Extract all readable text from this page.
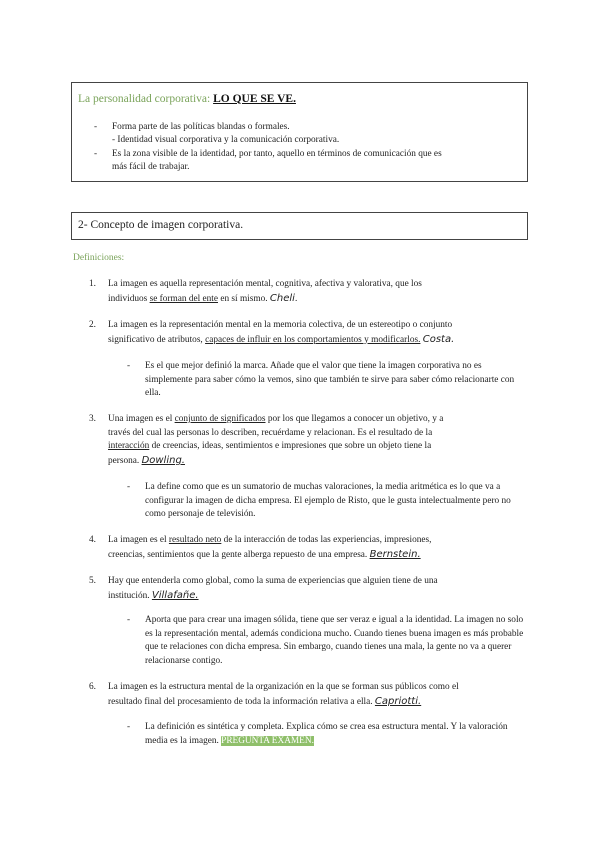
La personalidad corporativa: LO QUE SE VE.
- Forma parte de las políticas blandas o formales.
- Identidad visual corporativa y la comunicación corporativa.
- Es la zona visible de la identidad, por tanto, aquello en términos de comunicación que es
más fácil de trabajar.
2- Concepto de imagen corporativa.
Definiciones:
1. La imagen es aquella representación mental, cognitiva, afectiva y valorativa, que los
individuos se forman del ente en sí mismo. Cheli.
2. La imagen es la representación mental en la memoria colectiva, de un estereotipo o conjunto
significativo de atributos, capaces de influir en los comportamientos y modificarlos. Costa.
- Es el que mejor definió la marca. Añade que el valor que tiene la imagen corporativa no es simplemente para saber cómo la vemos, sino que también te sirve para saber cómo relacionarte con ella.
3. Una imagen es el conjunto de significados por los que llegamos a conocer un objetivo, y a
través del cual las personas lo describen, recuérdame y relacionan. Es el resultado de la
interacción de creencias, ideas, sentimientos e impresiones que sobre un objeto tiene la
persona. Dowling.
- La define como que es un sumatorio de muchas valoraciones, la media aritmética es lo que va a configurar la imagen de dicha empresa. El ejemplo de Risto, que le gusta intelectualmente pero no como personaje de televisión.
4. La imagen es el resultado neto de la interacción de todas las experiencias, impresiones,
creencias, sentimientos que la gente alberga repuesto de una empresa. Bernstein.
5. Hay que entenderla como global, como la suma de experiencias que alguien tiene de una
institución. Villafañe.
- Aporta que para crear una imagen sólida, tiene que ser veraz e igual a la identidad. La imagen no solo es la representación mental, además condiciona mucho. Cuando tienes buena imagen es más probable que te relaciones con dicha empresa. Sin embargo, cuando tienes una mala, la gente no va a querer relacionarse contigo.
6. La imagen es la estructura mental de la organización en la que se forman sus públicos como el
resultado final del procesamiento de toda la información relativa a ella. Capriotti.
- La definición es sintética y completa. Explica cómo se crea esa estructura mental. Y la valoración media es la imagen. PREGUNTA EXAMEN.
